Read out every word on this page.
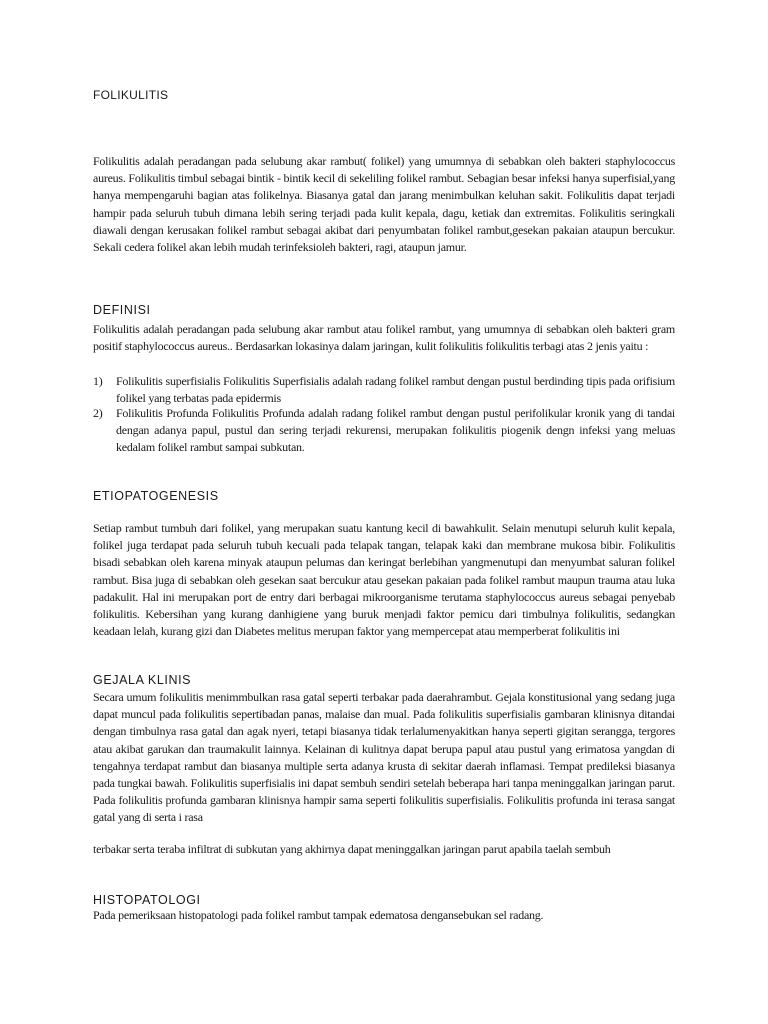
FOLIKULITIS

Folikulitis adalah peradangan pada selubung akar rambut( folikel) yang umumnya di sebabkan oleh bakteri staphylococcus aureus. Folikulitis timbul sebagai bintik - bintik kecil di sekeliling folikel rambut. Sebagian besar infeksi hanya superfisial,yang hanya mempengaruhi bagian atas folikelnya. Biasanya gatal dan jarang menimbulkan keluhan sakit. Folikulitis dapat terjadi hampir pada seluruh tubuh dimana lebih sering terjadi pada kulit kepala, dagu, ketiak dan extremitas. Folikulitis seringkali diawali dengan kerusakan folikel rambut sebagai akibat dari penyumbatan folikel rambut,gesekan pakaian ataupun bercukur. Sekali cedera folikel akan lebih mudah terinfeksioleh bakteri, ragi, ataupun jamur.

DEFINISI

Folikulitis adalah peradangan pada selubung akar rambut atau folikel rambut, yang umumnya di sebabkan oleh bakteri gram positif staphylococcus aureus.. Berdasarkan lokasinya dalam jaringan, kulit folikulitis folikulitis terbagi atas 2 jenis yaitu :

1) Folikulitis superfisialis Folikulitis Superfisialis adalah radang folikel rambut dengan pustul berdinding tipis pada orifisium folikel yang terbatas pada epidermis
2) Folikulitis Profunda Folikulitis Profunda adalah radang folikel rambut dengan pustul perifolikular kronik yang di tandai dengan adanya papul, pustul dan sering terjadi rekurensi, merupakan folikulitis piogenik dengn infeksi yang meluas kedalam folikel rambut sampai subkutan.
ETIOPATOGENESIS

Setiap rambut tumbuh dari folikel, yang merupakan suatu kantung kecil di bawahkulit. Selain menutupi seluruh kulit kepala, folikel juga terdapat pada seluruh tubuh kecuali pada telapak tangan, telapak kaki dan membrane mukosa bibir. Folikulitis bisadi sebabkan oleh karena minyak ataupun pelumas dan keringat berlebihan yangmenutupi dan menyumbat saluran folikel rambut. Bisa juga di sebabkan oleh gesekan saat bercukur atau gesekan pakaian pada folikel rambut maupun trauma atau luka padakulit. Hal ini merupakan port de entry dari berbagai mikroorganisme terutama staphylococcus aureus sebagai penyebab folikulitis. Kebersihan yang kurang danhigiene yang buruk menjadi faktor pemicu dari timbulnya folikulitis, sedangkan keadaan lelah, kurang gizi dan Diabetes melitus merupan faktor yang mempercepat atau memperberat folikulitis ini

GEJALA KLINIS

Secara umum folikulitis menimmbulkan rasa gatal seperti terbakar pada daerahrambut. Gejala konstitusional yang sedang juga dapat muncul pada folikulitis sepertibadan panas, malaise dan mual. Pada folikulitis superfisialis gambaran klinisnya ditandai dengan timbulnya rasa gatal dan agak nyeri, tetapi biasanya tidak terlalumenyakitkan hanya seperti gigitan serangga, tergores atau akibat garukan dan traumakulit lainnya. Kelainan di kulitnya dapat berupa papul atau pustul yang erimatosa yangdan di tengahnya terdapat rambut dan biasanya multiple serta adanya krusta di sekitar daerah inflamasi. Tempat predileksi biasanya pada tungkai bawah. Folikulitis superfisialis ini dapat sembuh sendiri setelah beberapa hari tanpa meninggalkan jaringan parut. Pada folikulitis profunda gambaran klinisnya hampir sama seperti folikulitis superfisialis. Folikulitis profunda ini terasa sangat gatal yang di serta i rasa

terbakar serta teraba infiltrat di subkutan yang akhirnya dapat meninggalkan jaringan parut apabila taelah sembuh

HISTOPATOLOGI

Pada pemeriksaan histopatologi pada folikel rambut tampak edematosa dengansebukan sel radang.
